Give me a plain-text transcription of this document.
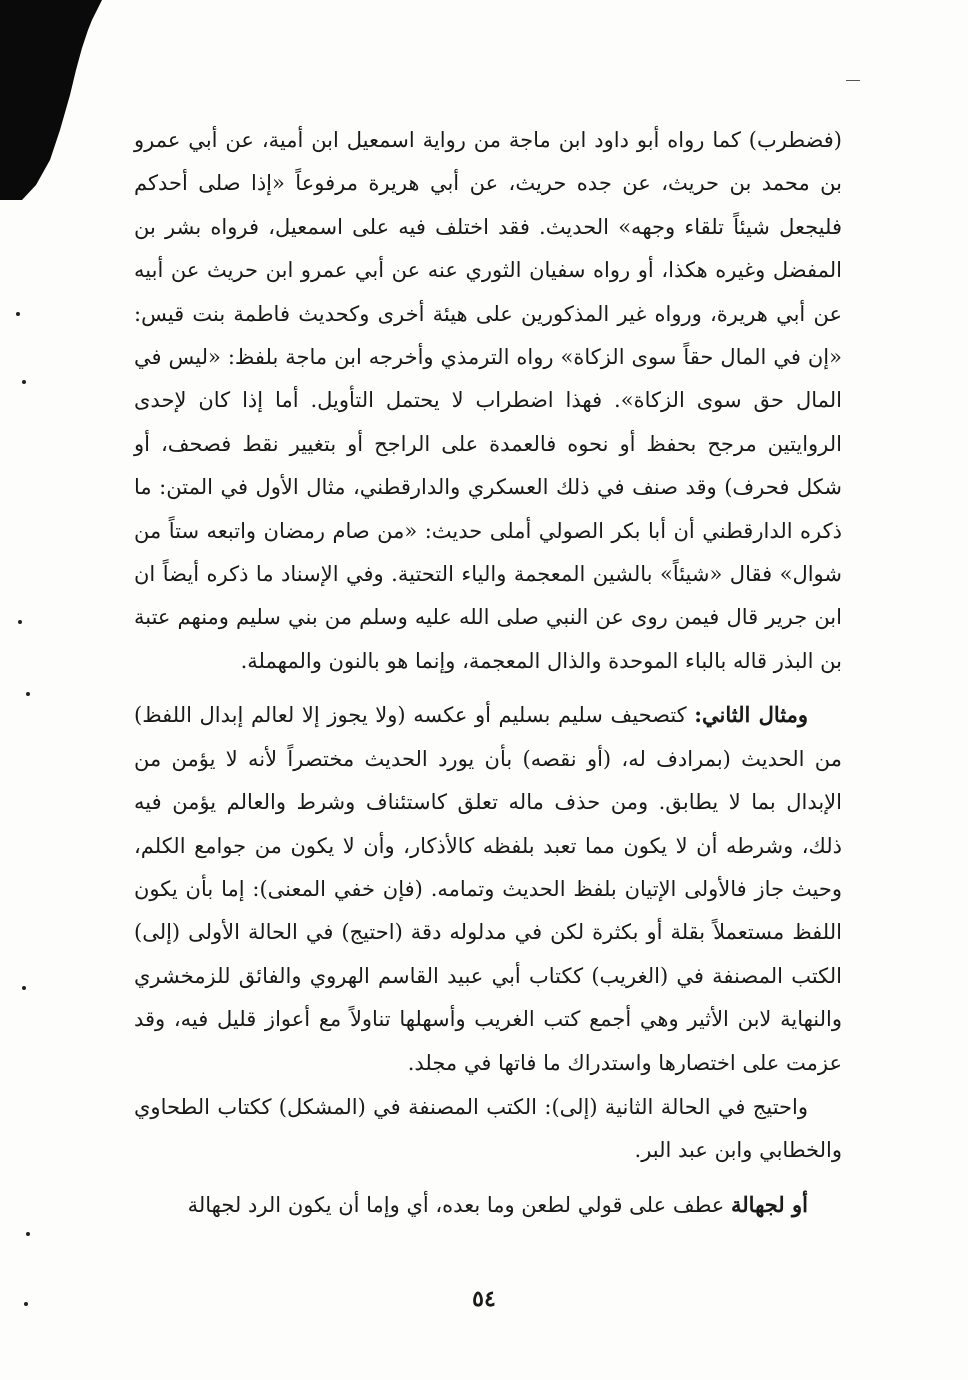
(فضطرب) كما رواه أبو داود ابن ماجة من رواية اسمعيل ابن أمية، عن أبي عمرو بن محمد بن حريث، عن جده حريث، عن أبي هريرة مرفوعاً «إذا صلى أحدكم فليجعل شيئاً تلقاء وجهه» الحديث. فقد اختلف فيه على اسمعيل، فرواه بشر بن المفضل وغيره هكذا، أو رواه سفيان الثوري عنه عن أبي عمرو ابن حريث عن أبيه عن أبي هريرة، ورواه غير المذكورين على هيئة أخرى وكحديث فاطمة بنت قيس: «إن في المال حقاً سوى الزكاة» رواه الترمذي وأخرجه ابن ماجة بلفظ: «ليس في المال حق سوى الزكاة». فهذا اضطراب لا يحتمل التأويل. أما إذا كان لإحدى الروايتين مرجح بحفظ أو نحوه فالعمدة على الراجح أو بتغيير نقط فصحف، أو شكل فحرف) وقد صنف في ذلك العسكري والدارقطني، مثال الأول في المتن: ما ذكره الدارقطني أن أبا بكر الصولي أملى حديث: «من صام رمضان واتبعه ستاً من شوال» فقال «شيئاً» بالشين المعجمة والياء التحتية. وفي الإسناد ما ذكره أيضاً ان ابن جرير قال فيمن روى عن النبي صلى الله عليه وسلم من بني سليم ومنهم عتبة بن البذر قاله بالباء الموحدة والذال المعجمة، وإنما هو بالنون والمهملة.

ومثال الثاني: كتصحيف سليم بسليم أو عكسه (ولا يجوز إلا لعالم إبدال اللفظ) من الحديث (بمرادف له، (أو نقصه) بأن يورد الحديث مختصراً لأنه لا يؤمن من الإبدال بما لا يطابق. ومن حذف ماله تعلق كاستئناف وشرط والعالم يؤمن فيه ذلك، وشرطه أن لا يكون مما تعبد بلفظه كالأذكار، وأن لا يكون من جوامع الكلم، وحيث جاز فالأولى الإتيان بلفظ الحديث وتمامه. (فإن خفي المعنى): إما بأن يكون اللفظ مستعملاً بقلة أو بكثرة لكن في مدلوله دقة (احتيج) في الحالة الأولى (إلى) الكتب المصنفة في (الغريب) ككتاب أبي عبيد القاسم الهروي والفائق للزمخشري والنهاية لابن الأثير وهي أجمع كتب الغريب وأسهلها تناولاً مع أعواز قليل فيه، وقد عزمت على اختصارها واستدراك ما فاتها في مجلد.

واحتيج في الحالة الثانية (إلى): الكتب المصنفة في (المشكل) ككتاب الطحاوي والخطابي وابن عبد البر.

أو لجهالة عطف على قولي لطعن وما بعده، أي وإما أن يكون الرد لجهالة

٥٤
